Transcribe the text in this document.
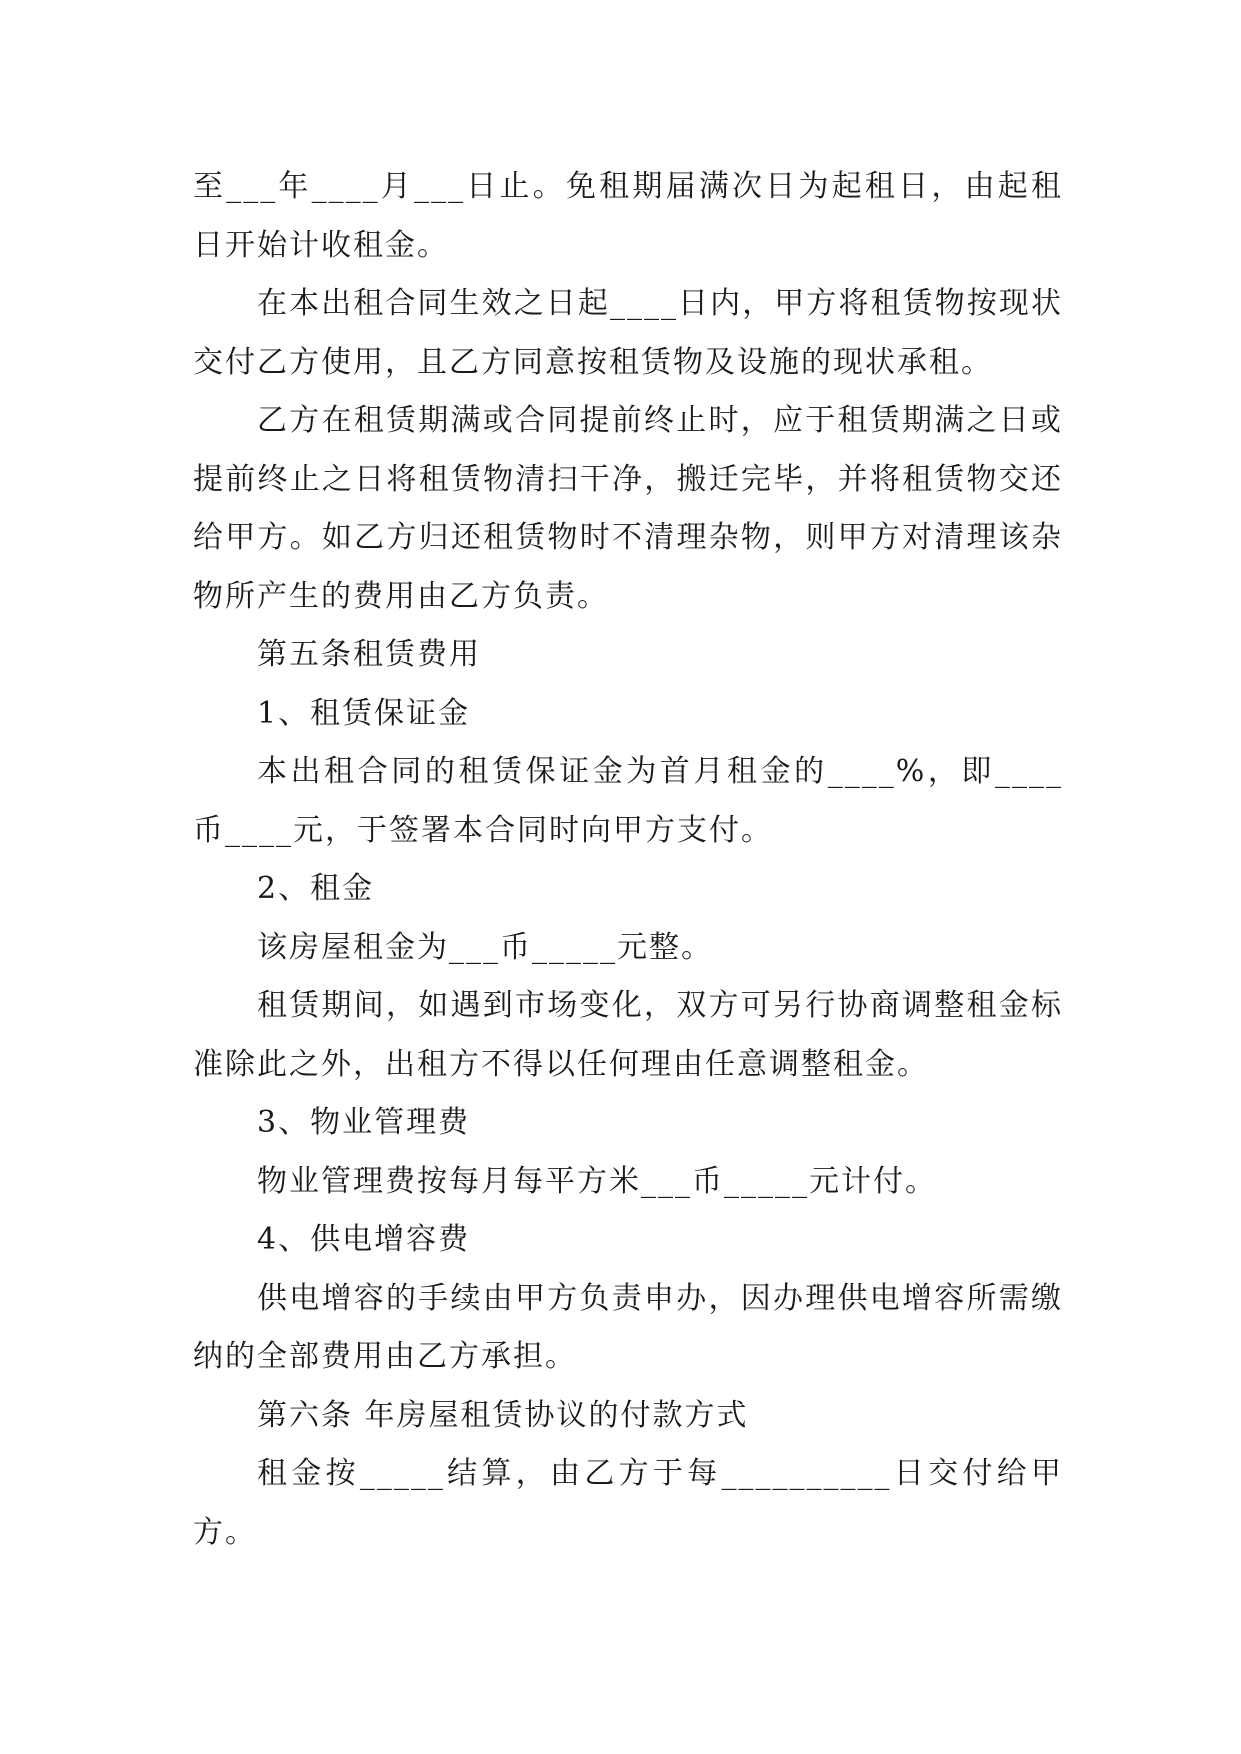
至___年____月___日止。免租期届满次日为起租日，由起租日开始计收租金。

在本出租合同生效之日起____日内，甲方将租赁物按现状交付乙方使用，且乙方同意按租赁物及设施的现状承租。

乙方在租赁期满或合同提前终止时，应于租赁期满之日或提前终止之日将租赁物清扫干净，搬迁完毕，并将租赁物交还给甲方。如乙方归还租赁物时不清理杂物，则甲方对清理该杂物所产生的费用由乙方负责。

第五条租赁费用

1、租赁保证金

本出租合同的租赁保证金为首月租金的____%，即____币____元，于签署本合同时向甲方支付。

2、租金

该房屋租金为___币_____元整。

租赁期间，如遇到市场变化，双方可另行协商调整租金标准除此之外，出租方不得以任何理由任意调整租金。

3、物业管理费

物业管理费按每月每平方米___币_____元计付。

4、供电增容费

供电增容的手续由甲方负责申办，因办理供电增容所需缴纳的全部费用由乙方承担。

第六条 年房屋租赁协议的付款方式

租金按_____结算，由乙方于每__________日交付给甲方。
